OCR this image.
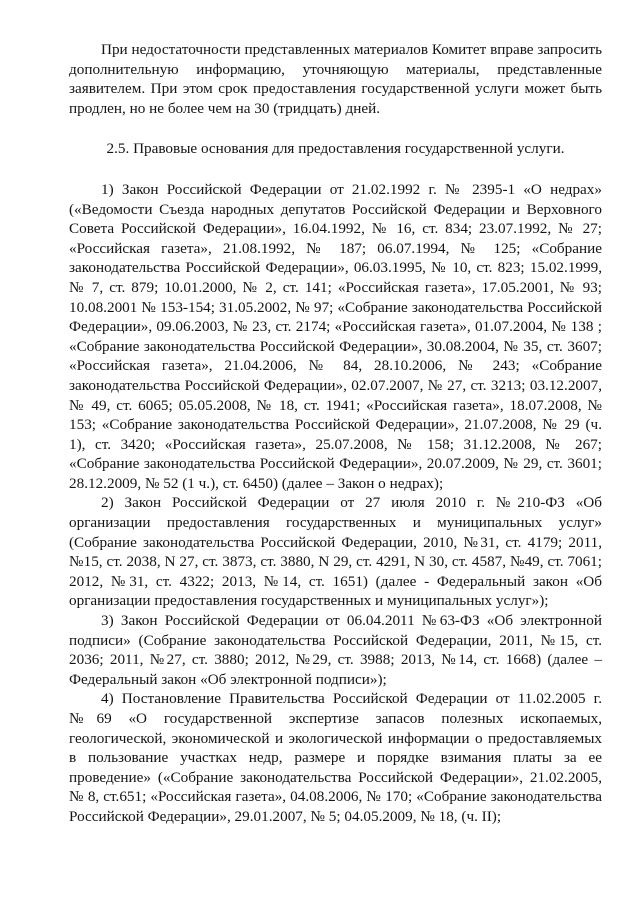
При недостаточности представленных материалов Комитет вправе запросить дополнительную информацию, уточняющую материалы, представленные заявителем. При этом срок предоставления государственной услуги может быть продлен, но не более чем на 30 (тридцать) дней.

2.5. Правовые основания для предоставления государственной услуги.

1) Закон Российской Федерации от 21.02.1992 г. № 2395-1 «О недрах» («Ведомости Съезда народных депутатов Российской Федерации и Верховного Совета Российской Федерации», 16.04.1992, № 16, ст. 834; 23.07.1992, № 27; «Российская газета», 21.08.1992, № 187; 06.07.1994, № 125; «Собрание законодательства Российской Федерации», 06.03.1995, № 10, ст. 823; 15.02.1999, № 7, ст. 879; 10.01.2000, № 2, ст. 141; «Российская газета», 17.05.2001, № 93; 10.08.2001 № 153-154; 31.05.2002, № 97; «Собрание законодательства Российской Федерации», 09.06.2003, № 23, ст. 2174; «Российская газета», 01.07.2004, № 138 ; «Собрание законодательства Российской Федерации», 30.08.2004, № 35, ст. 3607; «Российская газета», 21.04.2006, № 84, 28.10.2006, № 243; «Собрание законодательства Российской Федерации», 02.07.2007, № 27, ст. 3213; 03.12.2007, № 49, ст. 6065; 05.05.2008, № 18, ст. 1941; «Российская газета», 18.07.2008, № 153; «Собрание законодательства Российской Федерации», 21.07.2008, № 29 (ч. 1), ст. 3420; «Российская газета», 25.07.2008, № 158; 31.12.2008, № 267; «Собрание законодательства Российской Федерации», 20.07.2009, № 29, ст. 3601; 28.12.2009, № 52 (1 ч.), ст. 6450) (далее – Закон о недрах);

2) Закон Российской Федерации от 27 июля 2010 г. №210-ФЗ «Об организации предоставления государственных и муниципальных услуг» (Собрание законодательства Российской Федерации, 2010, №31, ст. 4179; 2011, №15, ст. 2038, N 27, ст. 3873, ст. 3880, N 29, ст. 4291, N 30, ст. 4587, №49, ст. 7061; 2012, №31, ст. 4322; 2013, №14, ст. 1651) (далее - Федеральный закон «Об организации предоставления государственных и муниципальных услуг»);

3) Закон Российской Федерации от 06.04.2011 №63-ФЗ «Об электронной подписи» (Собрание законодательства Российской Федерации, 2011, №15, ст. 2036; 2011, №27, ст. 3880; 2012, №29, ст. 3988; 2013, №14, ст. 1668) (далее – Федеральный закон «Об электронной подписи»);

4) Постановление Правительства Российской Федерации от 11.02.2005 г. №69 «О государственной экспертизе запасов полезных ископаемых, геологической, экономической и экологической информации о предоставляемых в пользование участках недр, размере и порядке взимания платы за ее проведение» («Собрание законодательства Российской Федерации», 21.02.2005, № 8, ст.651; «Российская газета», 04.08.2006, № 170; «Собрание законодательства Российской Федерации», 29.01.2007, № 5; 04.05.2009, № 18, (ч. II);
